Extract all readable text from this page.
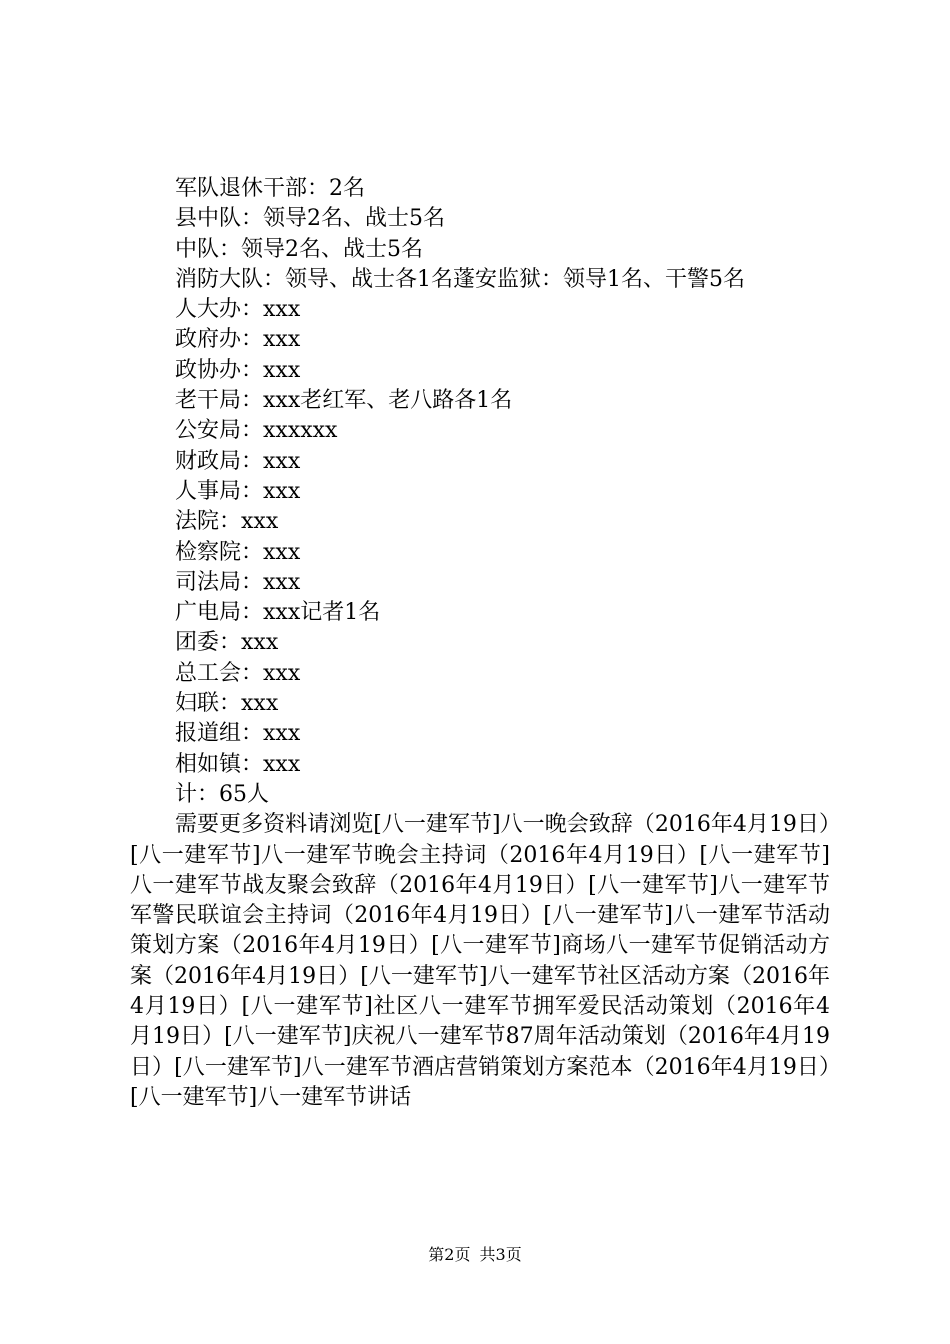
军队退休干部：2名
县中队：领导2名、战士5名
中队：领导2名、战士5名
消防大队：领导、战士各1名蓬安监狱：领导1名、干警5名
人大办：xxx
政府办：xxx
政协办：xxx
老干局：xxx老红军、老八路各1名
公安局：xxxxxx
财政局：xxx
人事局：xxx
法院：xxx
检察院：xxx
司法局：xxx
广电局：xxx记者1名
团委：xxx
总工会：xxx
妇联：xxx
报道组：xxx
相如镇：xxx
计：65人
需要更多资料请浏览[八一建军节]八一晚会致辞（2016年4月19日）[八一建军节]八一建军节晚会主持词（2016年4月19日）[八一建军节]八一建军节战友聚会致辞（2016年4月19日）[八一建军节]八一建军节军警民联谊会主持词（2016年4月19日）[八一建军节]八一建军节活动策划方案（2016年4月19日）[八一建军节]商场八一建军节促销活动方案（2016年4月19日）[八一建军节]八一建军节社区活动方案（2016年4月19日）[八一建军节]社区八一建军节拥军爱民活动策划（2016年4月19日）[八一建军节]庆祝八一建军节87周年活动策划（2016年4月19日）[八一建军节]八一建军节酒店营销策划方案范本（2016年4月19日）[八一建军节]八一建军节讲话
第2页 共3页
